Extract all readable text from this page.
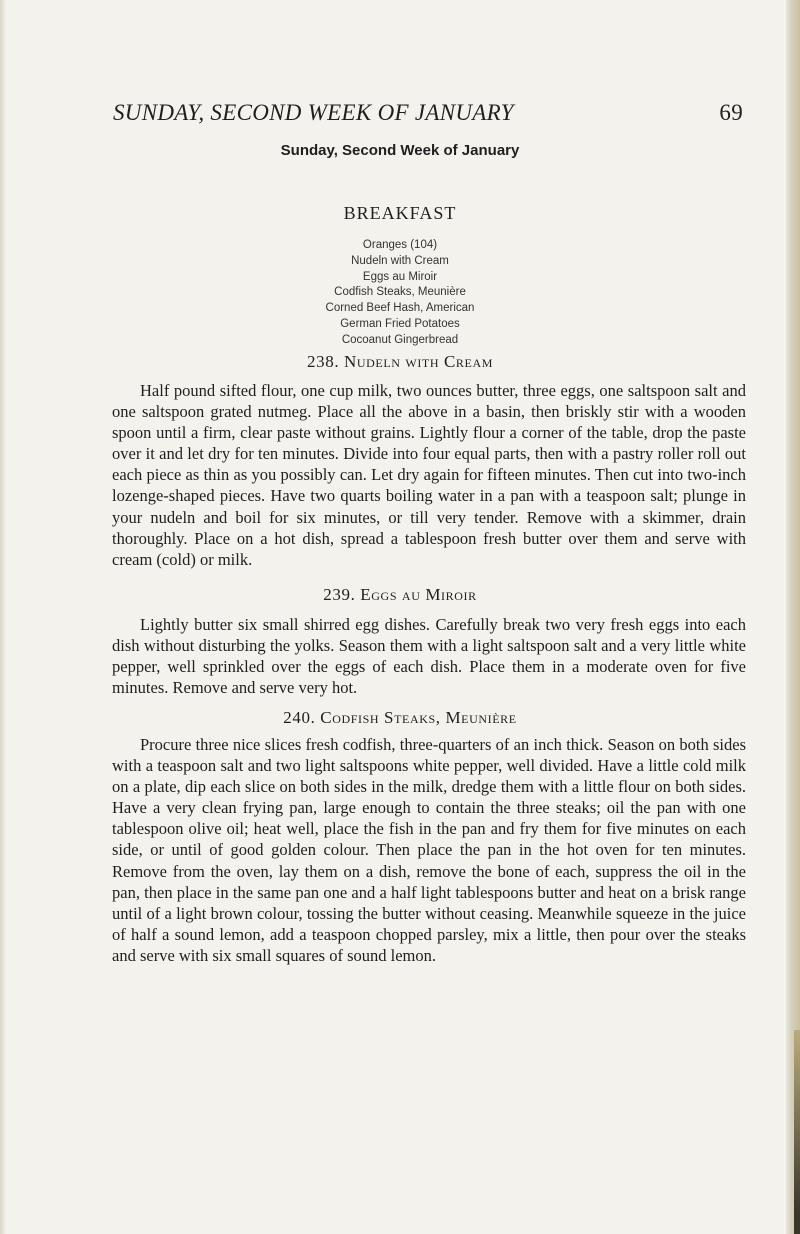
SUNDAY, SECOND WEEK OF JANUARY	69
Sunday, Second Week of January
BREAKFAST
Oranges (104)
Nudeln with Cream
Eggs au Miroir
Codfish Steaks, Meunière
Corned Beef Hash, American
German Fried Potatoes
Cocoanut Gingerbread
238. Nudeln with Cream
Half pound sifted flour, one cup milk, two ounces butter, three eggs, one saltspoon salt and one saltspoon grated nutmeg. Place all the above in a basin, then briskly stir with a wooden spoon until a firm, clear paste without grains. Lightly flour a corner of the table, drop the paste over it and let dry for ten minutes. Divide into four equal parts, then with a pastry roller roll out each piece as thin as you possibly can. Let dry again for fifteen minutes. Then cut into two-inch lozenge-shaped pieces. Have two quarts boiling water in a pan with a teaspoon salt; plunge in your nudeln and boil for six minutes, or till very tender. Remove with a skimmer, drain thoroughly. Place on a hot dish, spread a tablespoon fresh butter over them and serve with cream (cold) or milk.
239. Eggs au Miroir
Lightly butter six small shirred egg dishes. Carefully break two very fresh eggs into each dish without disturbing the yolks. Season them with a light saltspoon salt and a very little white pepper, well sprinkled over the eggs of each dish. Place them in a moderate oven for five minutes. Remove and serve very hot.
240. Codfish Steaks, Meunière
Procure three nice slices fresh codfish, three-quarters of an inch thick. Season on both sides with a teaspoon salt and two light saltspoons white pepper, well divided. Have a little cold milk on a plate, dip each slice on both sides in the milk, dredge them with a little flour on both sides. Have a very clean frying pan, large enough to contain the three steaks; oil the pan with one tablespoon olive oil; heat well, place the fish in the pan and fry them for five minutes on each side, or until of good golden colour. Then place the pan in the hot oven for ten minutes. Remove from the oven, lay them on a dish, remove the bone of each, suppress the oil in the pan, then place in the same pan one and a half light tablespoons butter and heat on a brisk range until of a light brown colour, tossing the butter without ceasing. Meanwhile squeeze in the juice of half a sound lemon, add a teaspoon chopped parsley, mix a little, then pour over the steaks and serve with six small squares of sound lemon.
